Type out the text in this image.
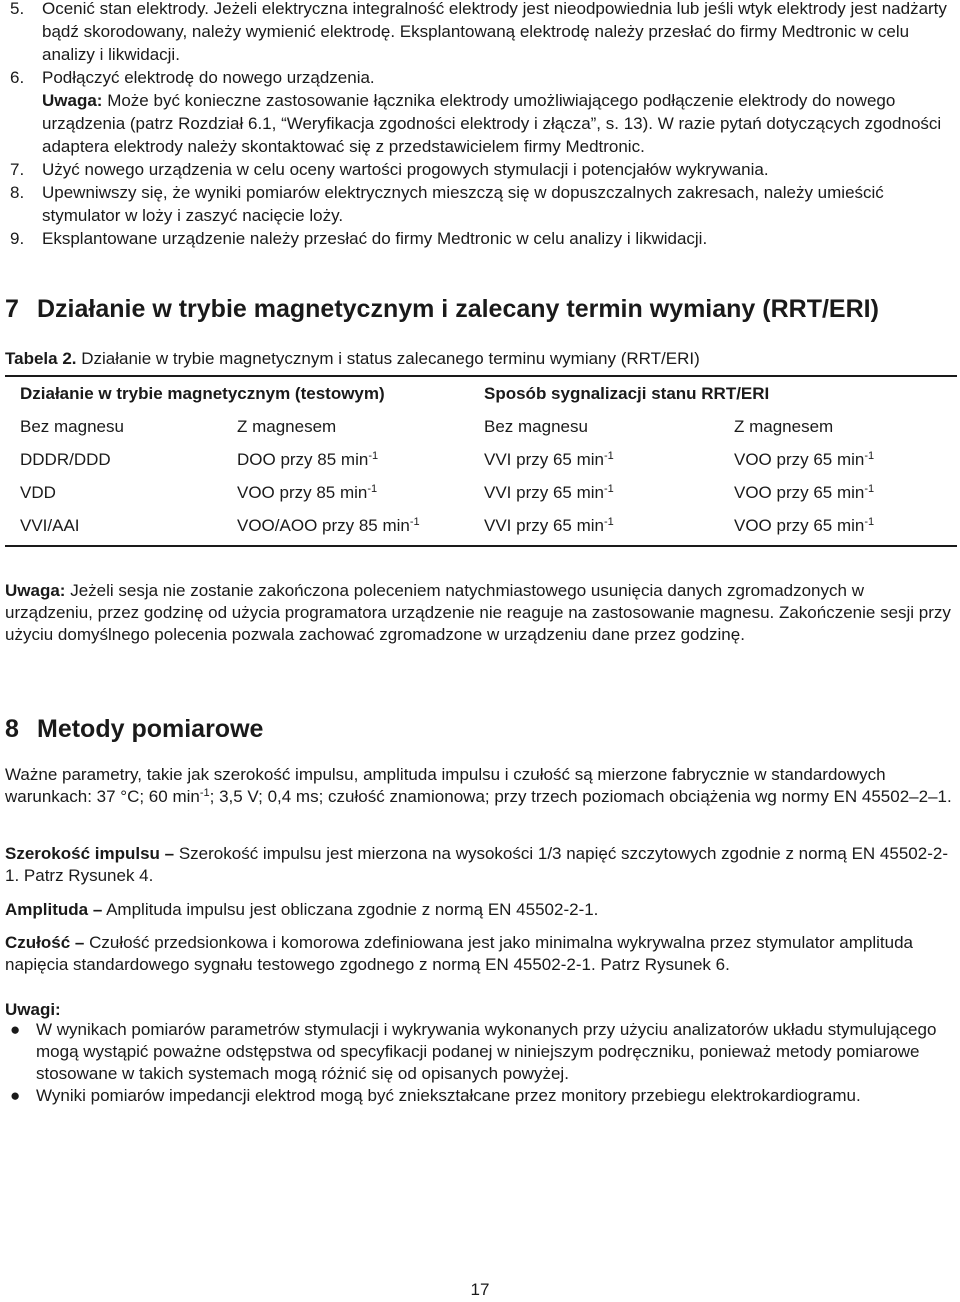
5. Ocenić stan elektrody. Jeżeli elektryczna integralność elektrody jest nieodpowiednia lub jeśli wtyk elektrody jest nadżarty bądź skorodowany, należy wymienić elektrodę. Eksplantowaną elektrodę należy przesłać do firmy Medtronic w celu analizy i likwidacji.
6. Podłączyć elektrodę do nowego urządzenia.
Uwaga: Może być konieczne zastosowanie łącznika elektrody umożliwiającego podłączenie elektrody do nowego urządzenia (patrz Rozdział 6.1, “Weryfikacja zgodności elektrody i złącza”, s. 13). W razie pytań dotyczących zgodności adaptera elektrody należy skontaktować się z przedstawicielem firmy Medtronic.
7. Użyć nowego urządzenia w celu oceny wartości progowych stymulacji i potencjałów wykrywania.
8. Upewniwszy się, że wyniki pomiarów elektrycznych mieszczą się w dopuszczalnych zakresach, należy umieścić stymulator w loży i zaszyć nacięcie loży.
9. Eksplantowane urządzenie należy przesłać do firmy Medtronic w celu analizy i likwidacji.
7 Działanie w trybie magnetycznym i zalecany termin wymiany (RRT/ERI)
Tabela 2. Działanie w trybie magnetycznym i status zalecanego terminu wymiany (RRT/ERI)
Działanie w trybie magnetycznym (testowym)	Sposób sygnalizacji stanu RRT/ERI
Bez magnesu	Z magnesem	Bez magnesu	Z magnesem
DDDR/DDD	DOO przy 85 $\min^{-1}$	VVI przy 65 $\min^{-1}$	VOO przy 65 $\min^{-1}$
VDD	VOO przy 85 $\min^{-1}$	VVI przy 65 $\min^{-1}$	VOO przy 65 $\min^{-1}$
VVI/AAI	VOO/AOO przy 85 $\min^{-1}$	VVI przy 65 $\min^{-1}$	VOO przy 65 $\min^{-1}$
Uwaga: Jeżeli sesja nie zostanie zakończona poleceniem natychmiastowego usunięcia danych zgromadzonych w urządzeniu, przez godzinę od użycia programatora urządzenie nie reaguje na zastosowanie magnesu. Zakończenie sesji przy użyciu domyślnego polecenia pozwala zachować zgromadzone w urządzeniu dane przez godzinę.
8 Metody pomiarowe
Ważne parametry, takie jak szerokość impulsu, amplituda impulsu i czułość są mierzone fabrycznie w standardowych warunkach: 37 °C; 60 $\min^{-1}$; 3,5 V; 0,4 ms; czułość znamionowa; przy trzech poziomach obciążenia wg normy EN 45502–2–1.
Szerokość impulsu – Szerokość impulsu jest mierzona na wysokości 1/3 napięć szczytowych zgodnie z normą EN 45502-2-1. Patrz Rysunek 4.
Amplituda – Amplituda impulsu jest obliczana zgodnie z normą EN 45502-2-1.
Czułość – Czułość przedsionkowa i komorowa zdefiniowana jest jako minimalna wykrywalna przez stymulator amplituda napięcia standardowego sygnału testowego zgodnego z normą EN 45502-2-1. Patrz Rysunek 6.
Uwagi:
● W wynikach pomiarów parametrów stymulacji i wykrywania wykonanych przy użyciu analizatorów układu stymulującego mogą wystąpić poważne odstępstwa od specyfikacji podanej w niniejszym podręczniku, ponieważ metody pomiarowe stosowane w takich systemach mogą różnić się od opisanych powyżej.
● Wyniki pomiarów impedancji elektrod mogą być zniekształcane przez monitory przebiegu elektrokardiogramu.
17
